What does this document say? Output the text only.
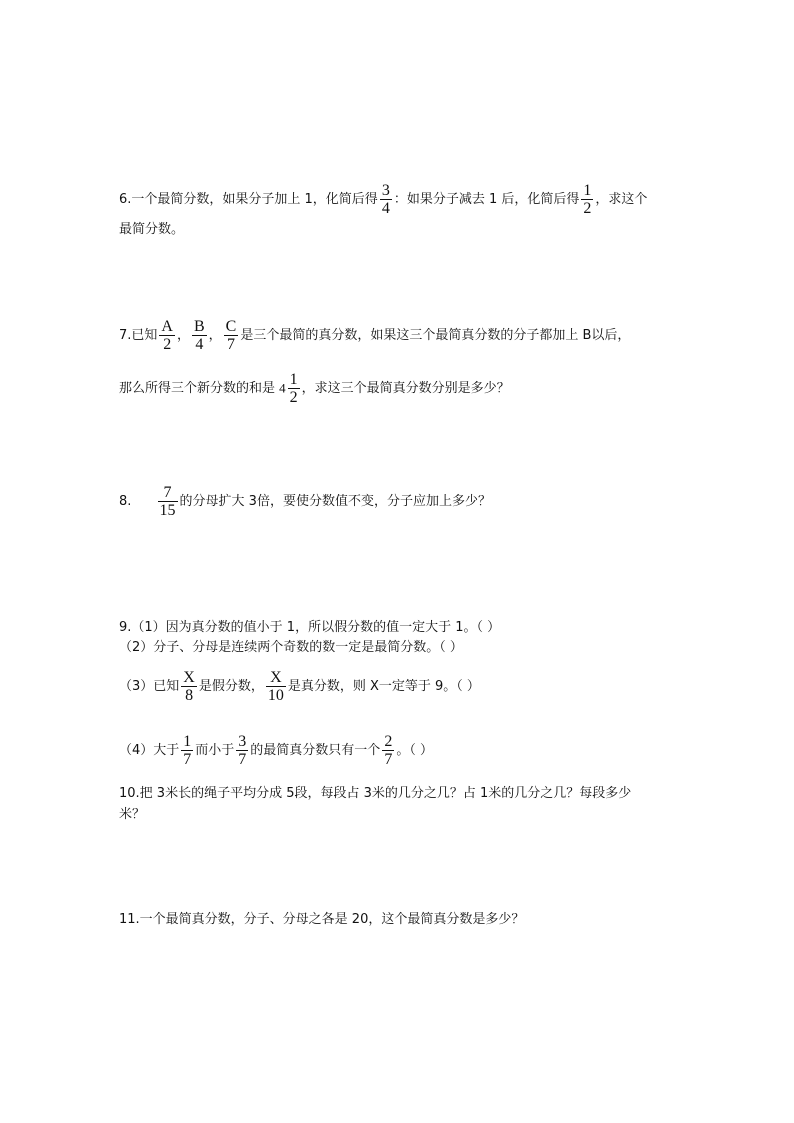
6.一个最简分数，如果分子加上 1，化简后得 $\frac{3}{4}$ ：如果分子减去 1 后，化简后得 $\frac{1}{2}$ ，求这个
最简分数。
7.已知 $\frac{A}{2}$ ， $\frac{B}{4}$ ， $\frac{C}{7}$ 是三个最简的真分数，如果这三个最简真分数的分子都加上 B以后，
那么所得三个新分数的和是 $4 \frac{1}{2}$ ，求这三个最简真分数分别是多少？
8. $\frac{7}{15}$ 的分母扩大 3倍，要使分数值不变，分子应加上多少？
9.（1）因为真分数的值小于 1，所以假分数的值一定大于 1。（ ）
（2）分子、分母是连续两个奇数的数一定是最简分数。（ ）
（3）已知 $\frac{X}{8}$ 是假分数， $\frac{X}{10}$ 是真分数，则 X一定等于 9。（ ）
（4）大于 $\frac{1}{7}$ 而小于 $\frac{3}{7}$ 的最简真分数只有一个 $\frac{2}{7}$ 。（ ）
10.把 3米长的绳子平均分成 5段，每段占 3米的几分之几？占 1米的几分之几？每段多少
米？
11.一个最简真分数，分子、分母之各是 20，这个最简真分数是多少？
